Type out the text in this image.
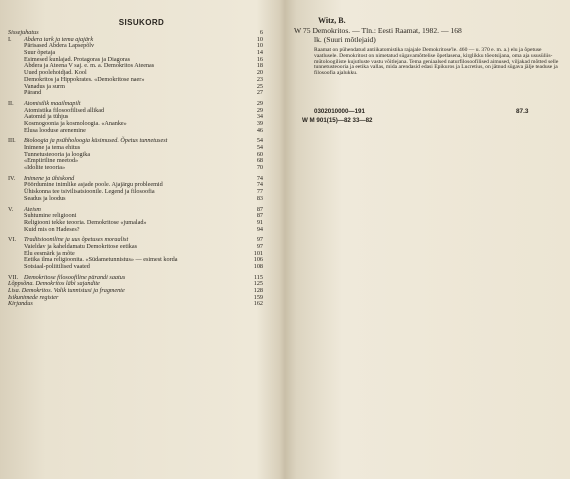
SISUKORD
Sissejuhatus	6
I. Abdera tark ja tema ajajärk	10
Pärisased Abdera Lapsepõlv	10
Suur õpetaja	14
Esimesed kunlajad. Protagoras ja Diagoras	16
Abdera ja Ateena V saj. e. m. a. Demokritos Ateenas	18
Uued poolehoidjad. Kool	20
Demokritos ja Hippokrates. «Demokritose naer»	23
Vanadus ja surm	25
Pärand	27
II. Atomistlik maailmapilt	29
Atomistika filosoofilised allikad	29
Aatomid ja tühjus	34
Kosmogoonia ja kosmoloogia. «Ananke»	39
Elusa looduse arenemine	46
III. Bioloogia ja psühholoogia küsimused. Õpetus tunnetusest	54
Inimene ja tema ehitus	54
Tunnetusteooria ja loogika	60
«Empiiriline meetod»	68
«Idolite teooria»	70
IV. Inimene ja ühiskond	74
Pöördumine inimlike asjade poole. Ajajärgu probleemid	74
Ühiskonna tee tsivilisatsioonile. Legend ja filosoofia	77
Seadus ja loodus	83
V. Ateism	87
Suhtumine religiooni	87
Religiooni tekke teooria. Demokritose «jumalad»	91
Kuid mis on Hadeses?	94
VI. Traditsiooniline ja uus õpetuses moraalist	97
Vaieldav ja kaheldamatu Demokritose eetikas	97
Elu eesmärk ja mõte	101
Eetika ilma religioonita. «Südametunnistus» — esimest korda	106
Sotsiaal-poliitilised vaated	108
VII. Demokritose filosoofiline pärandi saatus	115
Lõppsõna. Demokritos läbi sajandite	125
Lisa. Demokritos. Valik tunnistusi ja fragmente	128
Isikunimede register	159
Kirjandus	162
Witz, B.
W 75 Demokritos. — Tln.: Eesti Raamat, 1982. — 168
lk. (Suuri mõtlejaid)
Raamat on pühendatud antiikatomistika rajajale Demokritose'le. 460 — u. 370 e. m. a.) elu ja õpetuse vaatlusele. Demokritost on nimetatud sügavamõttelise õpetlasena, kirglikku tõeotsijana, oma aja ususüliis-mütoloogiliste kujutluste vastu võitlejana. Tema geniaalsed naturfilosoofilised aimused, viljakad mõtted selle tunnetusteooria ja eetika vallas, mida arendasid edasi Epikuros ja Lucretius, on jätnud sügava jälje teaduse ja filosoofia ajalukku.
0302010000—191
W M 901(15)—82 33—82
87.3
